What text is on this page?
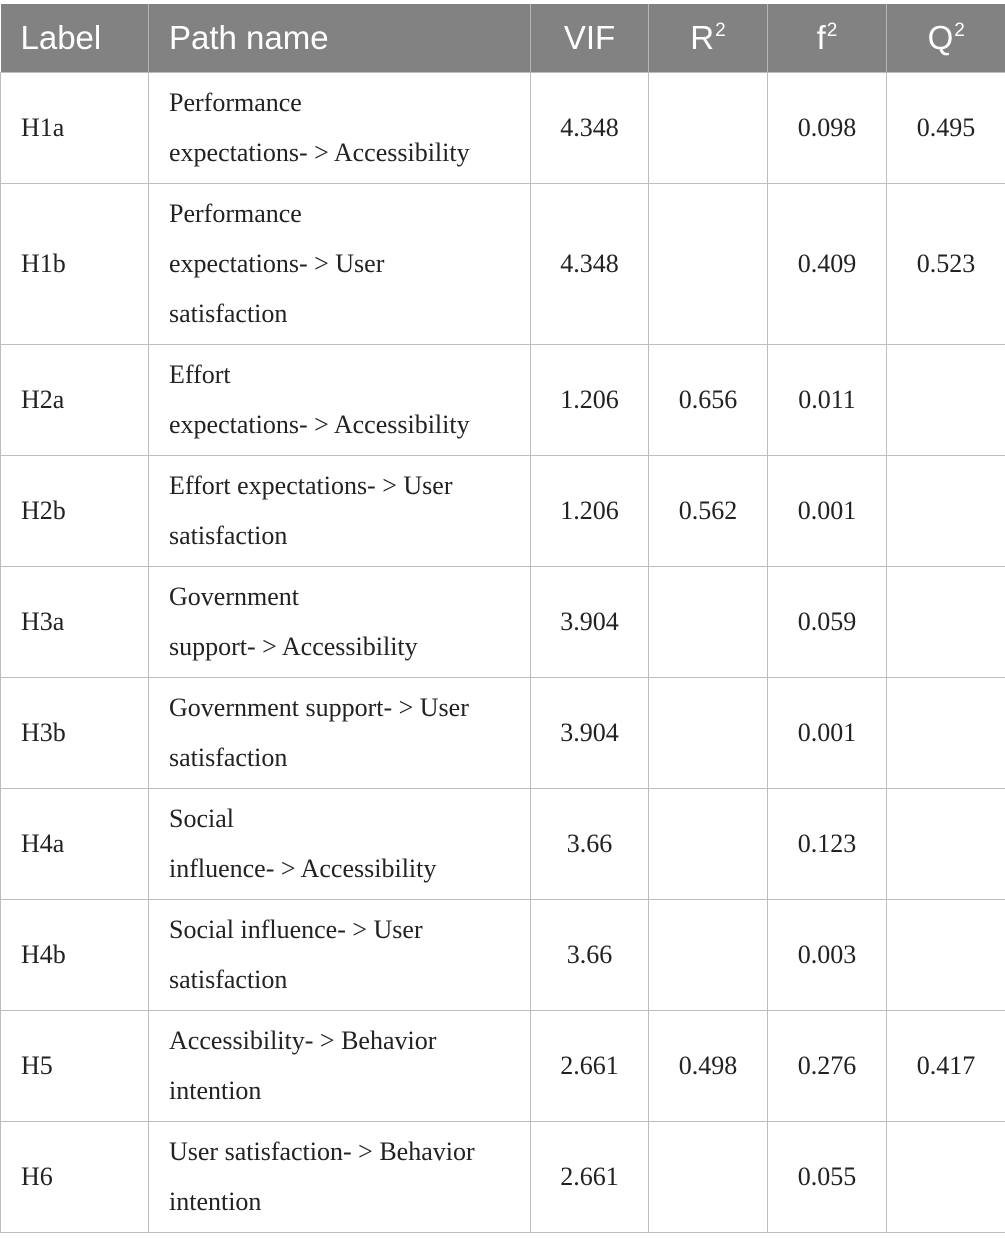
Label	Path name	VIF	$R^2$	$f^2$	$Q^2$
H1a	Performance
expectations- > Accessibility	4.348		0.098	0.495
H1b	Performance
expectations- > User
satisfaction	4.348		0.409	0.523
H2a	Effort
expectations- > Accessibility	1.206	0.656	0.011	
H2b	Effort expectations- > User
satisfaction	1.206	0.562	0.001	
H3a	Government
support- > Accessibility	3.904		0.059	
H3b	Government support- > User
satisfaction	3.904		0.001	
H4a	Social
influence- > Accessibility	3.66		0.123	
H4b	Social influence- > User
satisfaction	3.66		0.003	
H5	Accessibility- > Behavior
intention	2.661	0.498	0.276	0.417
H6	User satisfaction- > Behavior
intention	2.661		0.055	
